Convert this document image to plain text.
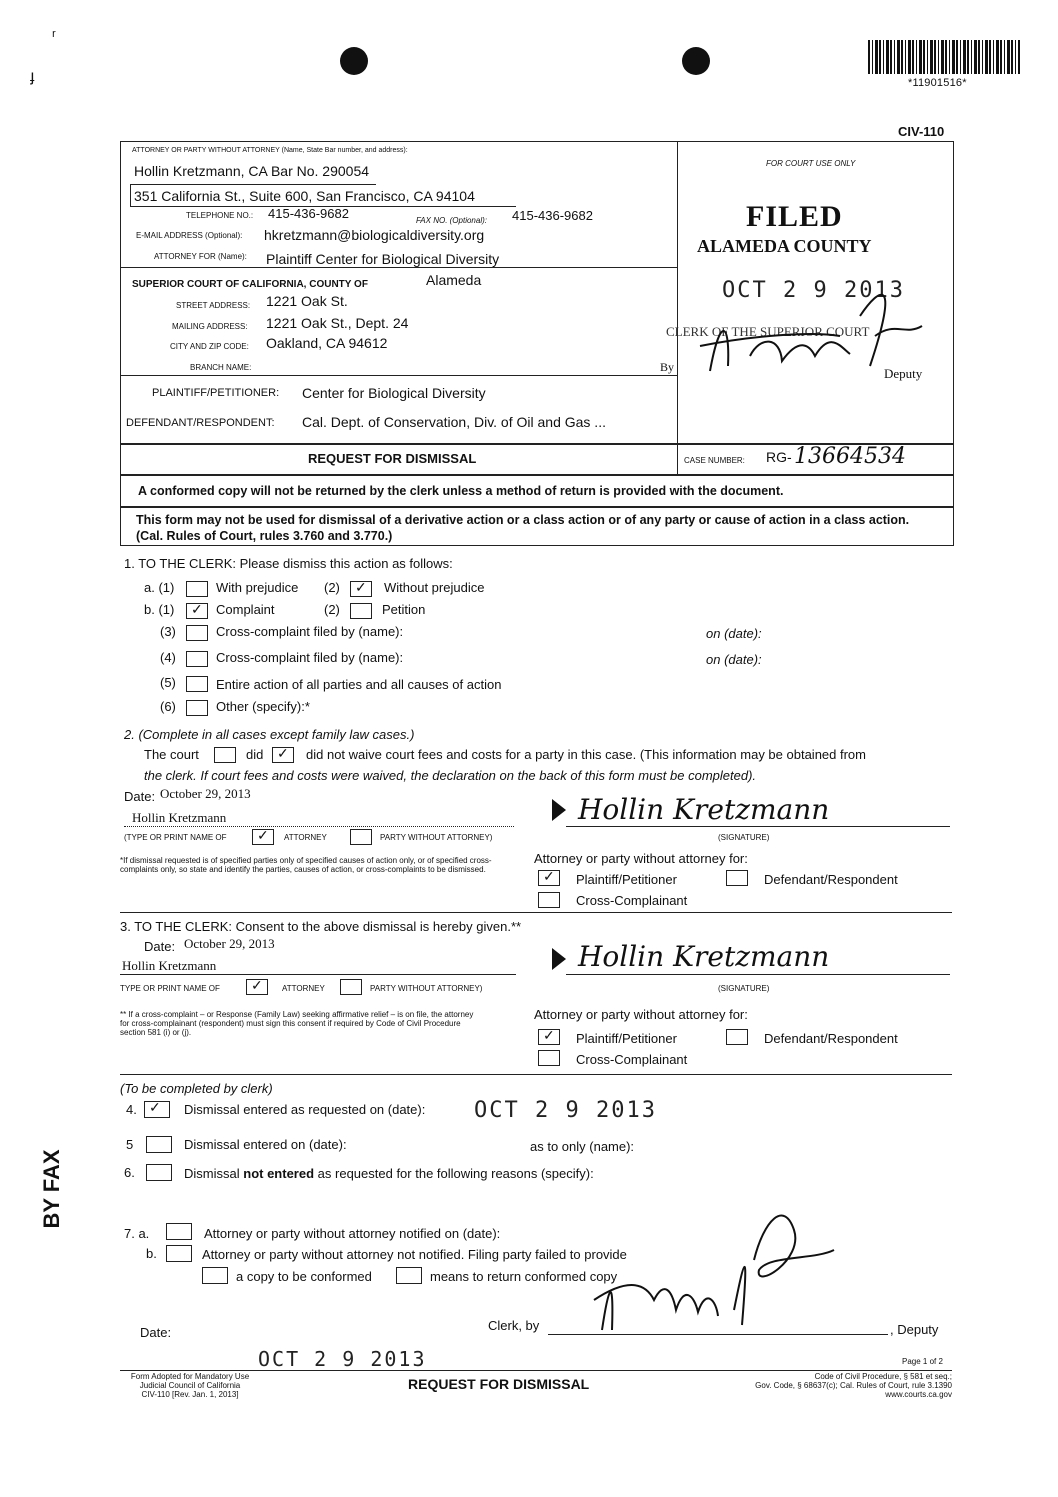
ʳ
ɟ	*11901516*
CIV-110
ATTORNEY OR PARTY WITHOUT ATTORNEY (Name, State Bar number, and address):
Hollin Kretzmann, CA Bar No. 290054
351 California St., Suite 600, San Francisco, CA 94104
TELEPHONE NO.: 415-436-9682	FAX NO. (Optional): 415-436-9682
E-MAIL ADDRESS (Optional): hkretzmann@biologicaldiversity.org
ATTORNEY FOR (Name): Plaintiff Center for Biological Diversity
SUPERIOR COURT OF CALIFORNIA, COUNTY OF	Alameda
STREET ADDRESS: 1221 Oak St.
MAILING ADDRESS: 1221 Oak St., Dept. 24
CITY AND ZIP CODE: Oakland, CA 94612
BRANCH NAME:
PLAINTIFF/PETITIONER: Center for Biological Diversity
DEFENDANT/RESPONDENT: Cal. Dept. of Conservation, Div. of Oil and Gas ...
FOR COURT USE ONLY
FILED
ALAMEDA COUNTY
OCT 2 9 2013
CLERK OF THE SUPERIOR COURT
By	Deputy
REQUEST FOR DISMISSAL	CASE NUMBER: RG- 13664534
A conformed copy will not be returned by the clerk unless a method of return is provided with the document.
This form may not be used for dismissal of a derivative action or a class action or of any party or cause of action in a class action. (Cal. Rules of Court, rules 3.760 and 3.770.)
1. TO THE CLERK: Please dismiss this action as follows:
a. (1)	With prejudice (2) ✓ Without prejudice
b. (1) ✓ Complaint	(2)	Petition
(3)	Cross-complaint filed by (name):	on (date):
(4)	Cross-complaint filed by (name):	on (date):
(5)	Entire action of all parties and all causes of action
(6)	Other (specify):*
2. (Complete in all cases except family law cases.)
The court	did ✓ did not waive court fees and costs for a party in this case. (This information may be obtained from
the clerk. If court fees and costs were waived, the declaration on the back of this form must be completed).
Date: October 29, 2013
Hollin Kretzmann
(TYPE OR PRINT NAME OF ✓ ATTORNEY	PARTY WITHOUT ATTORNEY)
Hollin Kretzmann
(SIGNATURE)
*If dismissal requested is of specified parties only of specified causes of action only, or of specified cross-complaints only, so state and identify the parties, causes of action, or cross-complaints to be dismissed.
Attorney or party without attorney for:
✓ Plaintiff/Petitioner	Defendant/Respondent
Cross-Complainant
3. TO THE CLERK: Consent to the above dismissal is hereby given.**
Date: October 29, 2013
Hollin Kretzmann
TYPE OR PRINT NAME OF ✓ ATTORNEY	PARTY WITHOUT ATTORNEY)
Hollin Kretzmann
(SIGNATURE)
** If a cross-complaint – or Response (Family Law) seeking affirmative relief – is on file, the attorney for cross-complainant (respondent) must sign this consent if required by Code of Civil Procedure section 581 (i) or (j).
Attorney or party without attorney for:
✓ Plaintiff/Petitioner	Defendant/Respondent
Cross-Complainant
(To be completed by clerk)
4. ✓ Dismissal entered as requested on (date): OCT 2 9 2013
5	Dismissal entered on (date):	as to only (name):
6.	Dismissal not entered as requested for the following reasons (specify):
7. a.	Attorney or party without attorney notified on (date):
b.	Attorney or party without attorney not notified. Filing party failed to provide
a copy to be conformed	means to return conformed copy
Date:	Clerk, by	, Deputy
OCT 2 9 2013
BY FAX
Form Adopted for Mandatory Use
Judicial Council of California
CIV-110 [Rev. Jan. 1, 2013]
REQUEST FOR DISMISSAL
Page 1 of 2
Code of Civil Procedure, § 581 et seq.;
Gov. Code, § 68637(c); Cal. Rules of Court, rule 3.1390
www.courts.ca.gov
